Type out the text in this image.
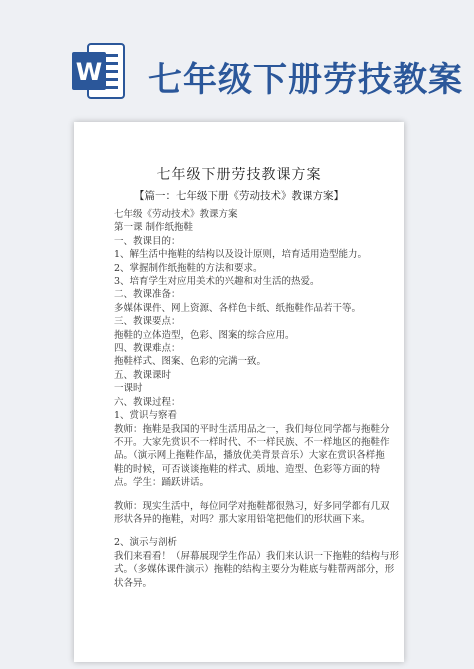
W 七年级下册劳技教案
七年级下册劳技教课方案
【篇一：七年级下册《劳动技术》教课方案】
七年级《劳动技术》教课方案
第一课 制作纸拖鞋
一、教课目的：
1、解生活中拖鞋的结构以及设计原则，培育适用造型能力。
2、掌握制作纸拖鞋的方法和要求。
3、培育学生对应用美术的兴趣和对生活的热爱。
二、教课准备：
多媒体课件、网上资源、各样色卡纸、纸拖鞋作品若干等。
三、教课要点：
拖鞋的立体造型，色彩、图案的综合应用。
四、教课难点：
拖鞋样式、图案、色彩的完满一致。
五、教课课时
一课时
六、教课过程：
1、赏识与察看
教师：拖鞋是我国的平时生活用品之一，我们每位同学都与拖鞋分
不开。大家先赏识不一样时代、不一样民族、不一样地区的拖鞋作
品。（演示网上拖鞋作品，播放优美背景音乐）大家在赏识各样拖
鞋的时候，可否谈谈拖鞋的样式、质地、造型、色彩等方面的特
点。学生：踊跃讲话。
教师：现实生活中，每位同学对拖鞋都很熟习，好多同学都有几双
形状各异的拖鞋，对吗？那大家用铅笔把他们的形状画下来。
2、演示与剖析
我们来看看！（屏幕展现学生作品）我们来认识一下拖鞋的结构与形
式。（多媒体课件演示）拖鞋的结构主要分为鞋底与鞋帮两部分，形
状各异。
